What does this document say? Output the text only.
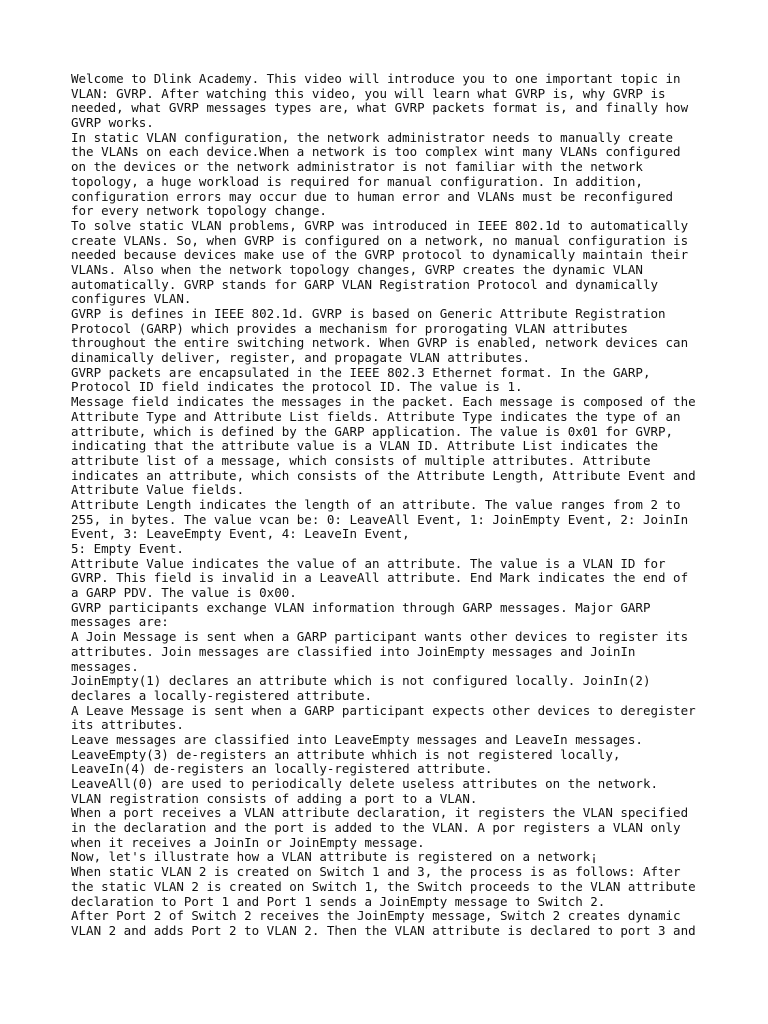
Welcome to Dlink Academy. This video will introduce you to one important topic in
VLAN: GVRP. After watching this video, you will learn what GVRP is, why GVRP is
needed, what GVRP messages types are, what GVRP packets format is, and finally how
GVRP works.
In static VLAN configuration, the network administrator needs to manually create
the VLANs on each device.When a network is too complex wint many VLANs configured
on the devices or the network administrator is not familiar with the network
topology, a huge workload is required for manual configuration. In addition,
configuration errors may occur due to human error and VLANs must be reconfigured
for every network topology change.
To solve static VLAN problems, GVRP was introduced in IEEE 802.1d to automatically
create VLANs. So, when GVRP is configured on a network, no manual configuration is
needed because devices make use of the GVRP protocol to dynamically maintain their
VLANs. Also when the network topology changes, GVRP creates the dynamic VLAN
automatically. GVRP stands for GARP VLAN Registration Protocol and dynamically
configures VLAN.
GVRP is defines in IEEE 802.1d. GVRP is based on Generic Attribute Registration
Protocol (GARP) which provides a mechanism for prorogating VLAN attributes
throughout the entire switching network. When GVRP is enabled, network devices can
dinamically deliver, register, and propagate VLAN attributes.
GVRP packets are encapsulated in the IEEE 802.3 Ethernet format. In the GARP,
Protocol ID field indicates the protocol ID. The value is 1.
Message field indicates the messages in the packet. Each message is composed of the
Attribute Type and Attribute List fields. Attribute Type indicates the type of an
attribute, which is defined by the GARP application. The value is 0x01 for GVRP,
indicating that the attribute value is a VLAN ID. Attribute List indicates the
attribute list of a message, which consists of multiple attributes. Attribute
indicates an attribute, which consists of the Attribute Length, Attribute Event and
Attribute Value fields.
Attribute Length indicates the length of an attribute. The value ranges from 2 to
255, in bytes. The value vcan be: 0: LeaveAll Event, 1: JoinEmpty Event, 2: JoinIn
Event, 3: LeaveEmpty Event, 4: LeaveIn Event,
5: Empty Event.
Attribute Value indicates the value of an attribute. The value is a VLAN ID for
GVRP. This field is invalid in a LeaveAll attribute. End Mark indicates the end of
a GARP PDV. The value is 0x00.
GVRP participants exchange VLAN information through GARP messages. Major GARP
messages are:
A Join Message is sent when a GARP participant wants other devices to register its
attributes. Join messages are classified into JoinEmpty messages and JoinIn
messages.
JoinEmpty(1) declares an attribute which is not configured locally. JoinIn(2)
declares a locally-registered attribute.
A Leave Message is sent when a GARP participant expects other devices to deregister
its attributes.
Leave messages are classified into LeaveEmpty messages and LeaveIn messages.
LeaveEmpty(3) de-registers an attribute whhich is not registered locally,
LeaveIn(4) de-registers an locally-registered attribute.
LeaveAll(0) are used to periodically delete useless attributes on the network.
VLAN registration consists of adding a port to a VLAN.
When a port receives a VLAN attribute declaration, it registers the VLAN specified
in the declaration and the port is added to the VLAN. A por registers a VLAN only
when it receives a JoinIn or JoinEmpty message.
Now, let's illustrate how a VLAN attribute is registered on a network¡
When static VLAN 2 is created on Switch 1 and 3, the process is as follows: After
the static VLAN 2 is created on Switch 1, the Switch proceeds to the VLAN attribute
declaration to Port 1 and Port 1 sends a JoinEmpty message to Switch 2.
After Port 2 of Switch 2 receives the JoinEmpty message, Switch 2 creates dynamic
VLAN 2 and adds Port 2 to VLAN 2. Then the VLAN attribute is declared to port 3 and
